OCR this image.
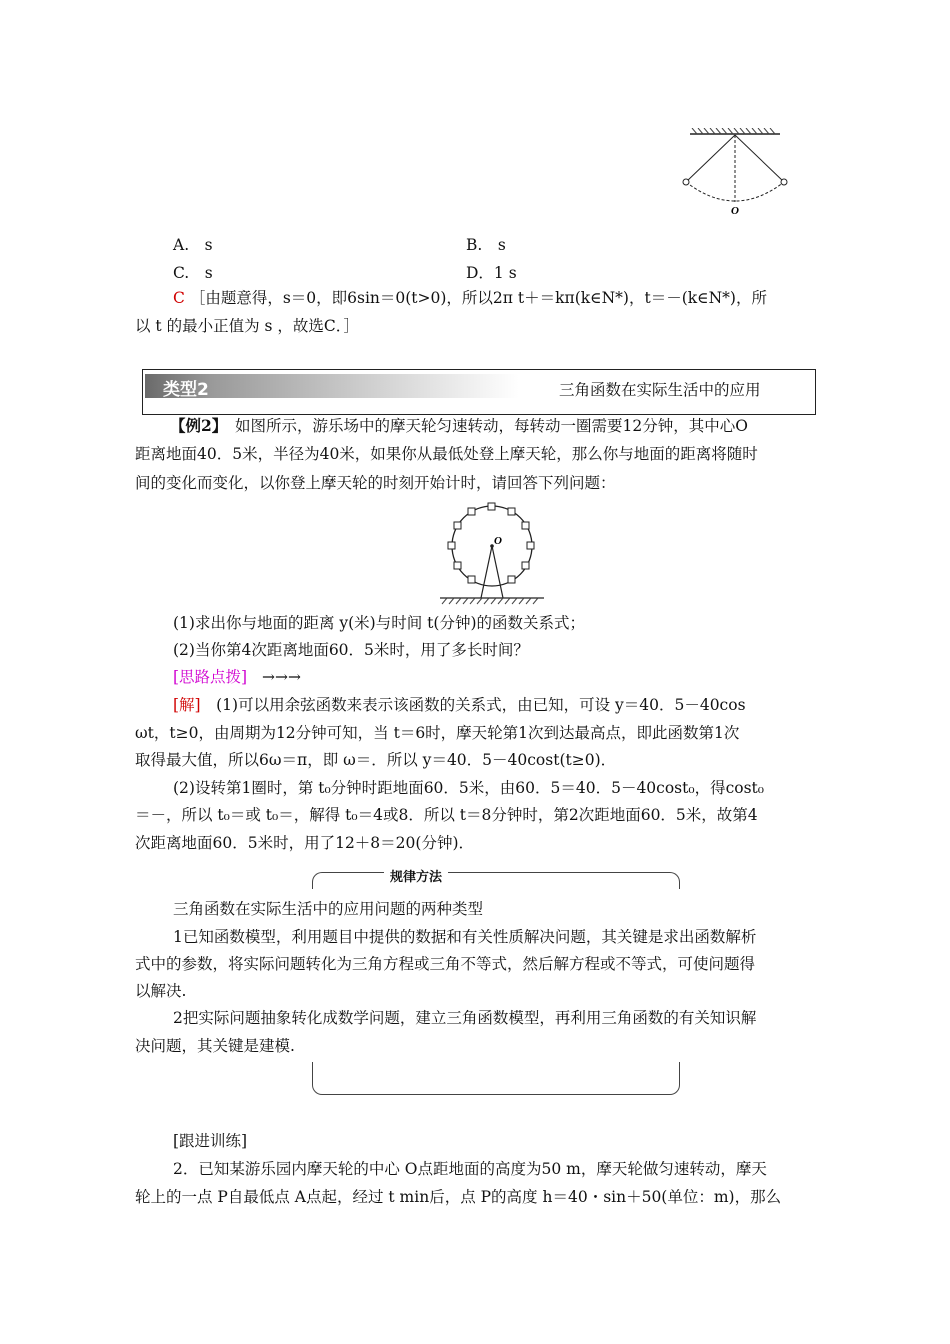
O
A.　s	B.　s
C.　s	D．1 s
C ［由题意得，s＝0，即6sin＝0(t>0)，所以2π t＋＝kπ(k∈N*)，t＝－(k∈N*)，所
以 t 的最小正值为 s ，故选C．］
类型2	三角函数在实际生活中的应用
【例2】　如图所示，游乐场中的摩天轮匀速转动，每转动一圈需要12分钟，其中心O
距离地面40．5米，半径为40米，如果你从最低处登上摩天轮，那么你与地面的距离将随时
间的变化而变化，以你登上摩天轮的时刻开始计时，请回答下列问题：
O
(1)求出你与地面的距离 y(米)与时间 t(分钟)的函数关系式；
(2)当你第4次距离地面60．5米时，用了多长时间？
[思路点拨] →→→
[解]　(1)可以用余弦函数来表示该函数的关系式，由已知，可设 y＝40．5－40cos
ωt，t≥0，由周期为12分钟可知，当 t＝6时，摩天轮第1次到达最高点，即此函数第1次
取得最大值，所以6ω＝π，即 ω＝．所以 y＝40．5－40cost(t≥0)．
(2)设转第1圈时，第 t₀分钟时距地面60．5米，由60．5＝40．5－40cost₀，得cost₀
＝－，所以 t₀＝或 t₀＝，解得 t₀＝4或8．所以 t＝8分钟时，第2次距地面60．5米，故第4
次距离地面60．5米时，用了12＋8＝20(分钟)．
规律方法
三角函数在实际生活中的应用问题的两种类型
1已知函数模型，利用题目中提供的数据和有关性质解决问题，其关键是求出函数解析
式中的参数，将实际问题转化为三角方程或三角不等式，然后解方程或不等式，可使问题得
以解决.
2把实际问题抽象转化成数学问题，建立三角函数模型，再利用三角函数的有关知识解
决问题，其关键是建模.
[跟进训练]
2．已知某游乐园内摩天轮的中心 O点距地面的高度为50 m，摩天轮做匀速转动，摩天
轮上的一点 P自最低点 A点起，经过 t min后，点 P的高度 h＝40・sin＋50(单位：m)，那么
